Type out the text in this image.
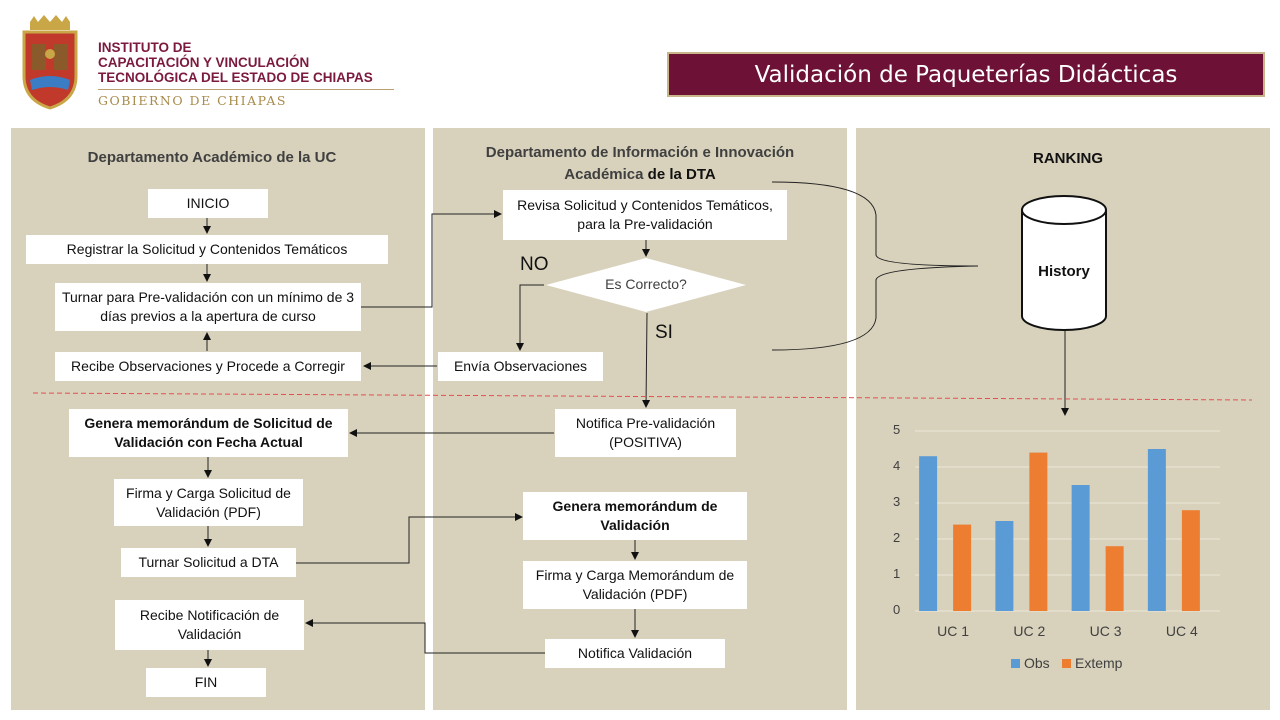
INSTITUTO DE
CAPACITACIÓN Y VINCULACIÓN
TECNOLÓGICA DEL ESTADO DE CHIAPAS
GOBIERNO DE CHIAPAS
Validación de Paqueterías Didácticas
Departamento Académico de la UC	Departamento de Información e Innovación Académica de la DTA
RANKING
INICIO
Registrar la Solicitud y Contenidos Temáticos
Turnar para Pre-validación con un mínimo de 3 días previos a la apertura de curso
Recibe Observaciones y Procede a Corregir
Genera memorándum de Solicitud de Validación con Fecha Actual
Firma y Carga Solicitud de Validación (PDF)
Turnar Solicitud a DTA
Recibe Notificación de Validación
FIN
Revisa Solicitud y Contenidos Temáticos, para la Pre-validación
Es Correcto?
NO
SI
Envía Observaciones
Notifica Pre-validación (POSITIVA)
Genera memorándum de Validación
Firma y Carga Memorándum de Validación (PDF)
Notifica Validación
History
0
1
2
3
4
5
UC 1	UC 2	UC 3	UC 4
Obs Extemp
